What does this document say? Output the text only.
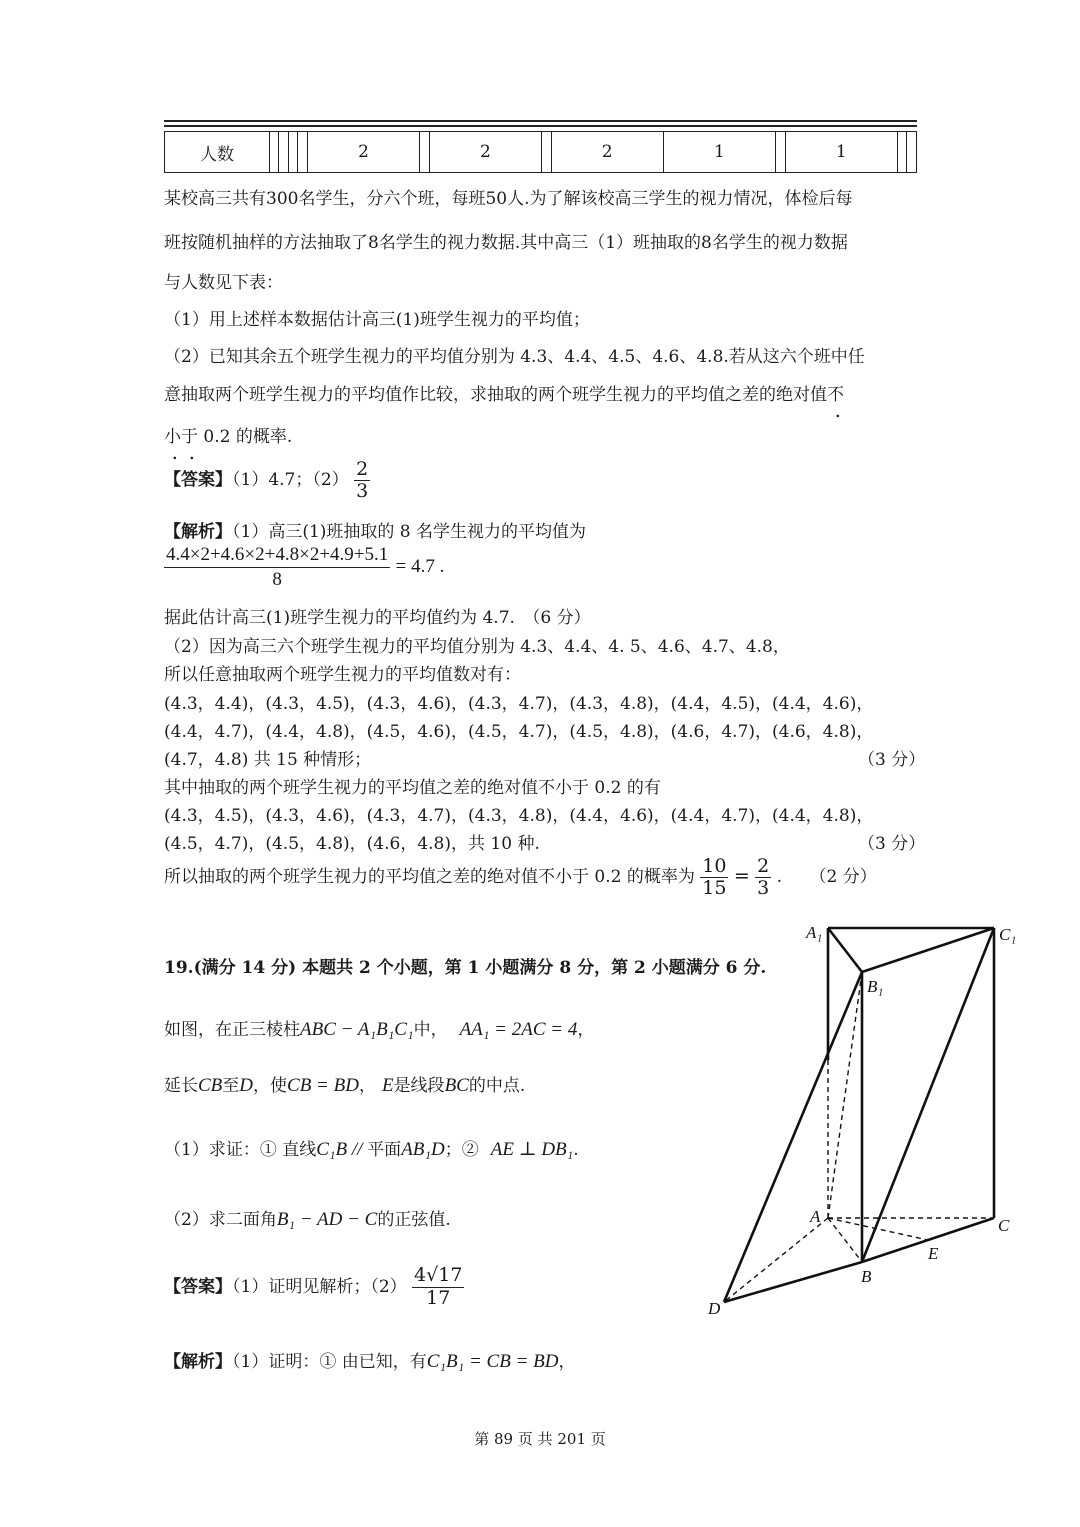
人数					2		2		2	1		1		
某校高三共有300名学生，分六个班，每班50人.为了解该校高三学生的视力情况，体检后每
班按随机抽样的方法抽取了8名学生的视力数据.其中高三（1）班抽取的8名学生的视力数据
与人数见下表：
（1）用上述样本数据估计高三(1)班学生视力的平均值；
（2）已知其余五个班学生视力的平均值分别为 4.3、4.4、4.5、4.6、4.8.若从这六个班中任
意抽取两个班学生视力的平均值作比较，求抽取的两个班学生视力的平均值之差的绝对值不
小于 0.2 的概率.
【答案】（1）4.7；$(2) \frac{2}{3}$
【解析】（1）高三(1)班抽取的 8 名学生视力的平均值为
$\frac{4.4\times 2+4.6\times 2+4.8\times 2+4.9+5.1}{8} = 4.7$ .
据此估计高三(1)班学生视力的平均值约为 4.7.　（6 分）
（2）因为高三六个班学生视力的平均值分别为 4.3、4.4、4. 5、4.6、4.7、4.8，
所以任意抽取两个班学生视力的平均值数对有：
(4.3，4.4)，(4.3，4.5)，(4.3，4.6)，(4.3，4.7)，(4.3，4.8)，(4.4，4.5)，(4.4，4.6)，
(4.4，4.7)，(4.4，4.8)，(4.5，4.6)，(4.5，4.7)，(4.5，4.8)，(4.6，4.7)，(4.6，4.8)，
(4.7，4.8) 共 15 种情形；	（3 分）
其中抽取的两个班学生视力的平均值之差的绝对值不小于 0.2 的有
(4.3，4.5)，(4.3，4.6)，(4.3，4.7)，(4.3，4.8)，(4.4，4.6)，(4.4，4.7)，(4.4，4.8)，
(4.5，4.7)，(4.5，4.8)，(4.6，4.8)，共 10 种.	（3 分）
所以抽取的两个班学生视力的平均值之差的绝对值不小于 0.2 的概率为 $\frac{10}{15} = \frac{2}{3}$ . （2 分）
19.(满分 14 分) 本题共 2 个小题，第 1 小题满分 8 分，第 2 小题满分 6 分.
如图，在正三棱柱ABC − A₁B₁C₁中， AA₁ = 2AC = 4，
延长CB至D，使CB = BD， E是线段BC的中点.
（1）求证：① 直线C₁B // 平面AB₁D；② AE ⊥ DB₁.
（2）求二面角B₁ − AD − C的正弦值.
【答案】（1）证明见解析；$(2) \frac{4√17}{17}$
【解析】（1）证明：① 由已知，有C₁B₁ = CB = BD，
A₁	C₁
B₁
A	C
E
B
D
第 89 页 共 201 页
